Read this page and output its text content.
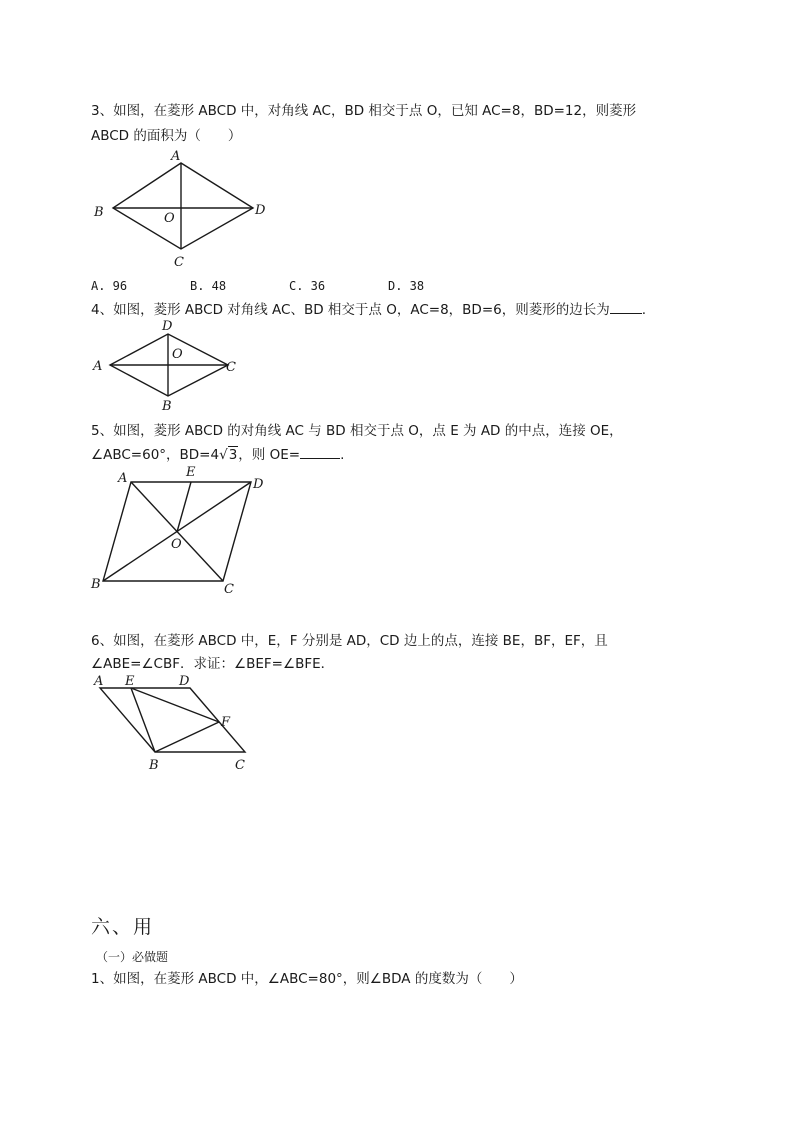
3、如图，在菱形 ABCD 中，对角线 AC，BD 相交于点 O，已知 AC=8，BD=12，则菱形
ABCD 的面积为（　　）
A
B	O
D
C
A. 96	B. 48	C. 36	D. 38
4、如图，菱形 ABCD 对角线 AC、BD 相交于点 O，AC=8，BD=6，则菱形的边长为 .
D
A
O
C
B
5、如图，菱形 ABCD 的对角线 AC 与 BD 相交于点 O，点 E 为 AD 的中点，连接 OE，
∠ABC=60°，BD=4√3，则 OE=	.
E
A	D
O
B	C
6、如图，在菱形 ABCD 中，E，F 分别是 AD，CD 边上的点，连接 BE，BF，EF，且
∠ABE=∠CBF．求证：∠BEF=∠BFE．
A E	D
F
B	C
六、用
（一）必做题
1、如图，在菱形 ABCD 中，∠ABC=80°，则∠BDA 的度数为（　　）
